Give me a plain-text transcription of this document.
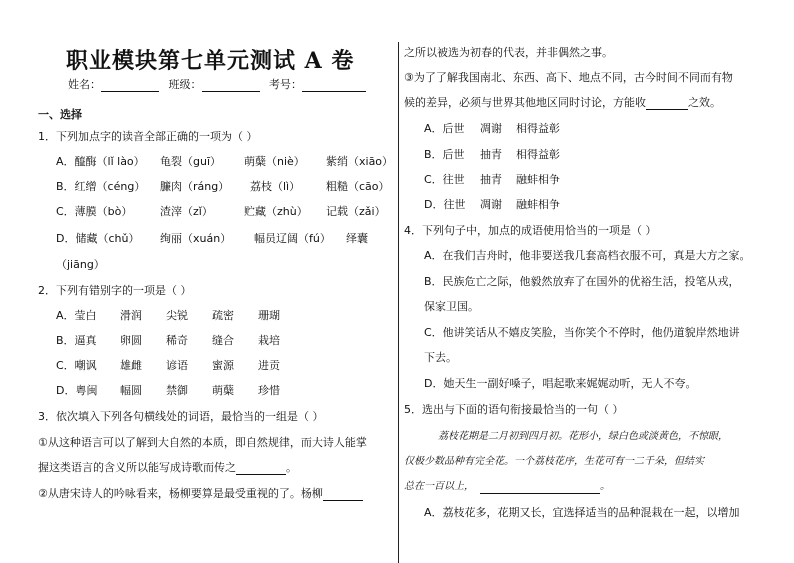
职业模块第七单元测试 A 卷
姓名：	班级：	考号：
一、选择
1．下列加点字的读音全部正确的一项为（ ）
A．醯酶（lǐ lào） 龟裂（guī） 萌蘖（niè） 紫绡（xiāo）
B．红缯（céng） 臁肉（ráng） 荔枝（lì） 粗糙（cāo）
C．薄膜（bò）	渣滓（zǐ）	贮藏（zhù） 记载（zǎi）
D．储藏（chǔ） 绚丽（xuán） 幅员辽阔（fú） 绎囊
（jiāng）
2．下列有错别字的一项是（ ）
A．莹白 滑润 尖锐 疏密 珊瑚
B．逼真 卵圆 稀奇 缝合 栽培
C．嘲讽 雄雌 谚语 蜜源 进贡
D．粤闽 幅圆 禁御 萌蘖 珍惜
3．依次填入下列各句横线处的词语，最恰当的一组是（ ）
①从这种语言可以了解到大自然的本质，即自然规律，而大诗人能掌
握这类语言的含义所以能写成诗歌而传之	。
②从唐宋诗人的吟咏看来，杨柳要算是最受重视的了。杨柳
之所以被选为初春的代表，并非偶然之事。
③为了了解我国南北、东西、高下、地点不同，古今时间不同而有物
候的差异，必须与世界其他地区同时讨论，方能收	之效。
A．后世 凋谢 相得益彰
B．后世 抽青 相得益彰
C．往世 抽青 融蚌相争
D．往世 凋谢 融蚌相争
4．下列句子中，加点的成语使用恰当的一项是（ ）
A．在我们吉舟时，他非要送我几套高档衣服不可，真是大方之家。
B．民族危亡之际，他毅然放弃了在国外的优裕生活，投笔从戎，
保家卫国。
C．他讲笑话从不嬉皮笑脸，当你笑个不停时，他仍道貌岸然地讲
下去。
D．她天生一副好嗓子，唱起歌来娓娓动听，无人不夸。
5．选出与下面的语句衔接最恰当的一句（ ）
荔枝花期是二月初到四月初。花形小，绿白色或淡黄色，不惊眼，
仅极少数品种有完全花。一个荔枝花序，生花可有一二千朵，但结实
总在一百以上，	。
A．荔枝花多，花期又长，宜选择适当的品种混栽在一起，以增加
